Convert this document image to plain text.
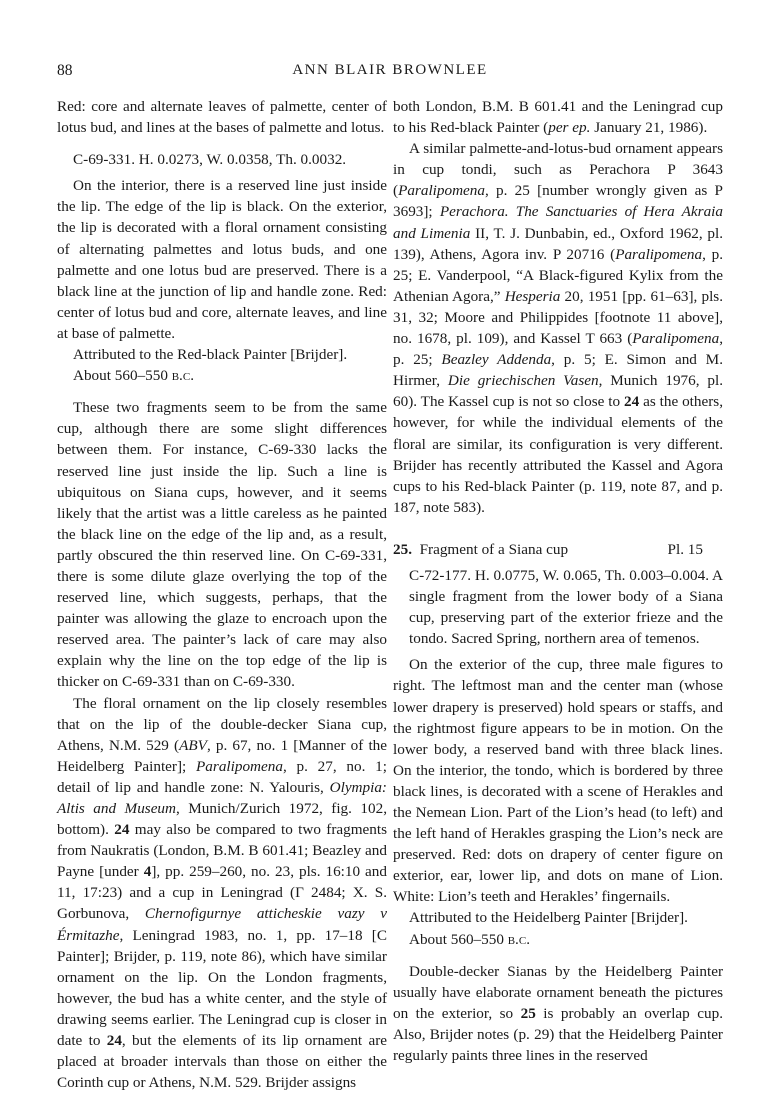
88	ANN BLAIR BROWNLEE

Red: core and alternate leaves of palmette, center of lotus bud, and lines at the bases of palmette and lotus.

C-69-331. H. 0.0273, W. 0.0358, Th. 0.0032.

On the interior, there is a reserved line just inside the lip. The edge of the lip is black. On the exterior, the lip is decorated with a floral ornament consisting of alternating palmettes and lotus buds, and one palmette and one lotus bud are preserved. There is a black line at the junction of lip and handle zone. Red: center of lotus bud and core, alternate leaves, and line at base of palmette.

Attributed to the Red-black Painter [Brijder].

About 560–550 b.c.

These two fragments seem to be from the same cup, although there are some slight differences between them. For instance, C-69-330 lacks the reserved line just inside the lip. Such a line is ubiquitous on Siana cups, however, and it seems likely that the artist was a little careless as he painted the black line on the edge of the lip and, as a result, partly obscured the thin reserved line. On C-69-331, there is some dilute glaze overlying the top of the reserved line, which suggests, perhaps, that the painter was allowing the glaze to encroach upon the reserved area. The painter’s lack of care may also explain why the line on the top edge of the lip is thicker on C-69-331 than on C-69-330.

The floral ornament on the lip closely resembles that on the lip of the double-decker Siana cup, Athens, N.M. 529 (ABV, p. 67, no. 1 [Manner of the Heidelberg Painter]; Paralipomena, p. 27, no. 1; detail of lip and handle zone: N. Yalouris, Olympia: Altis and Museum, Munich/Zurich 1972, fig. 102, bottom). 24 may also be compared to two fragments from Naukratis (London, B.M. B 601.41; Beazley and Payne [under 4], pp. 259–260, no. 23, pls. 16:10 and 11, 17:23) and a cup in Leningrad (Γ 2484; X. S. Gorbunova, Chernofigurnye atticheskie vazy v Érmitazhe, Leningrad 1983, no. 1, pp. 17–18 [C Painter]; Brijder, p. 119, note 86), which have similar ornament on the lip. On the London fragments, however, the bud has a white center, and the style of drawing seems earlier. The Leningrad cup is closer in date to 24, but the elements of its lip ornament are placed at broader intervals than those on either the Corinth cup or Athens, N.M. 529. Brijder assigns

both London, B.M. B 601.41 and the Leningrad cup to his Red-black Painter (per ep. January 21, 1986).

A similar palmette-and-lotus-bud ornament appears in cup tondi, such as Perachora P 3643 (Paralipomena, p. 25 [number wrongly given as P 3693]; Perachora. The Sanctuaries of Hera Akraia and Limenia II, T. J. Dunbabin, ed., Oxford 1962, pl. 139), Athens, Agora inv. P 20716 (Paralipomena, p. 25; E. Vanderpool, “A Black-figured Kylix from the Athenian Agora,” Hesperia 20, 1951 [pp. 61–63], pls. 31, 32; Moore and Philippides [footnote 11 above], no. 1678, pl. 109), and Kassel T 663 (Paralipomena, p. 25; Beazley Addenda, p. 5; E. Simon and M. Hirmer, Die griechischen Vasen, Munich 1976, pl. 60). The Kassel cup is not so close to 24 as the others, however, for while the individual elements of the floral are similar, its configuration is very different. Brijder has recently attributed the Kassel and Agora cups to his Red-black Painter (p. 119, note 87, and p. 187, note 583).

25. Fragment of a Siana cup	Pl. 15

C-72-177. H. 0.0775, W. 0.065, Th. 0.003–0.004. A single fragment from the lower body of a Siana cup, preserving part of the exterior frieze and the tondo. Sacred Spring, northern area of temenos.

On the exterior of the cup, three male figures to right. The leftmost man and the center man (whose lower drapery is preserved) hold spears or staffs, and the rightmost figure appears to be in motion. On the lower body, a reserved band with three black lines. On the interior, the tondo, which is bordered by three black lines, is decorated with a scene of Herakles and the Nemean Lion. Part of the Lion’s head (to left) and the left hand of Herakles grasping the Lion’s neck are preserved. Red: dots on drapery of center figure on exterior, ear, lower lip, and dots on mane of Lion. White: Lion’s teeth and Herakles’ fingernails.

Attributed to the Heidelberg Painter [Brijder].

About 560–550 b.c.

Double-decker Sianas by the Heidelberg Painter usually have elaborate ornament beneath the pictures on the exterior, so 25 is probably an overlap cup. Also, Brijder notes (p. 29) that the Heidelberg Painter regularly paints three lines in the reserved
